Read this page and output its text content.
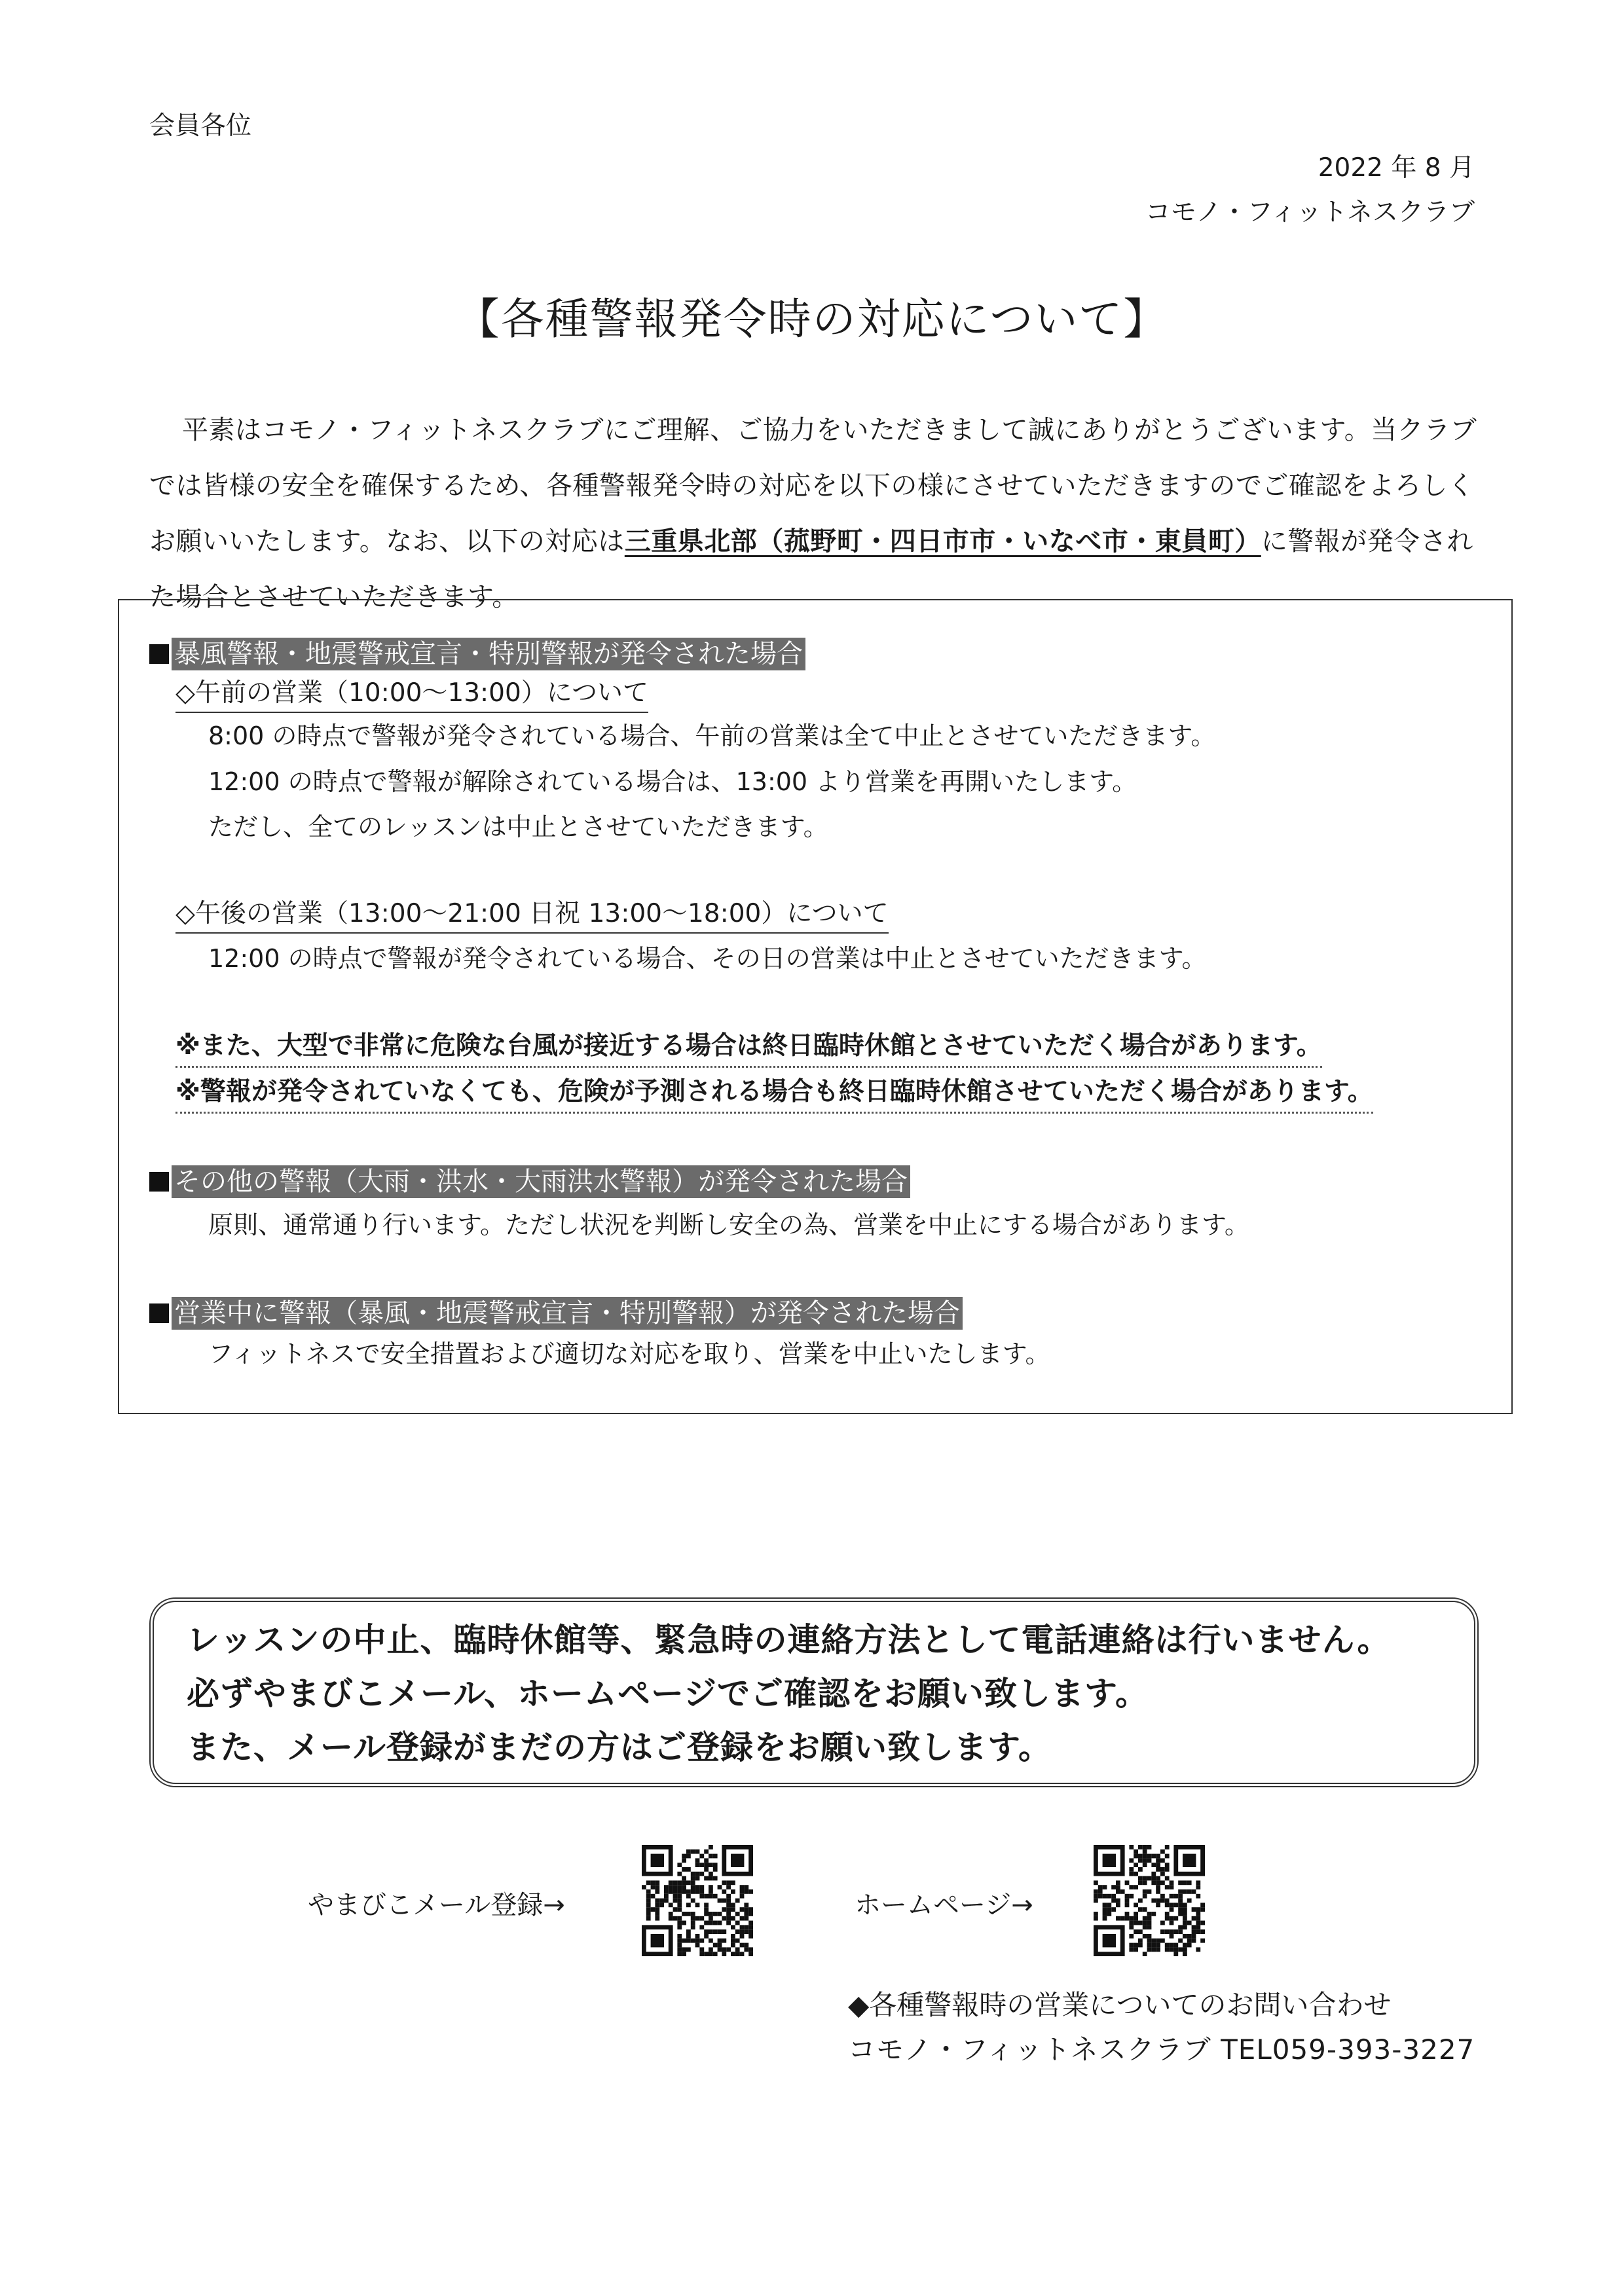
会員各位
2022 年 8 月
コモノ・フィットネスクラブ
【各種警報発令時の対応について】
平素はコモノ・フィットネスクラブにご理解、ご協力をいただきまして誠にありがとうございます。当クラブでは皆様の安全を確保するため、各種警報発令時の対応を以下の様にさせていただきますのでご確認をよろしくお願いいたします。なお、以下の対応は三重県北部（菰野町・四日市市・いなべ市・東員町）に警報が発令された場合とさせていただきます。
暴風警報・地震警戒宣言・特別警報が発令された場合
◇午前の営業（10:00～13:00）について
8:00 の時点で警報が発令されている場合、午前の営業は全て中止とさせていただきます。
12:00 の時点で警報が解除されている場合は、13:00 より営業を再開いたします。
ただし、全てのレッスンは中止とさせていただきます。
◇午後の営業（13:00～21:00 日祝 13:00～18:00）について
12:00 の時点で警報が発令されている場合、その日の営業は中止とさせていただきます。
※また、大型で非常に危険な台風が接近する場合は終日臨時休館とさせていただく場合があります。
※警報が発令されていなくても、危険が予測される場合も終日臨時休館させていただく場合があります。
その他の警報（大雨・洪水・大雨洪水警報）が発令された場合
原則、通常通り行います。ただし状況を判断し安全の為、営業を中止にする場合があります。
営業中に警報（暴風・地震警戒宣言・特別警報）が発令された場合
フィットネスで安全措置および適切な対応を取り、営業を中止いたします。
レッスンの中止、臨時休館等、緊急時の連絡方法として電話連絡は行いません。
必ずやまびこメール、ホームページでご確認をお願い致します。
また、メール登録がまだの方はご登録をお願い致します。
やまびこメール登録→	ホームページ→
◆各種警報時の営業についてのお問い合わせ
コモノ・フィットネスクラブ TEL059-393-3227
